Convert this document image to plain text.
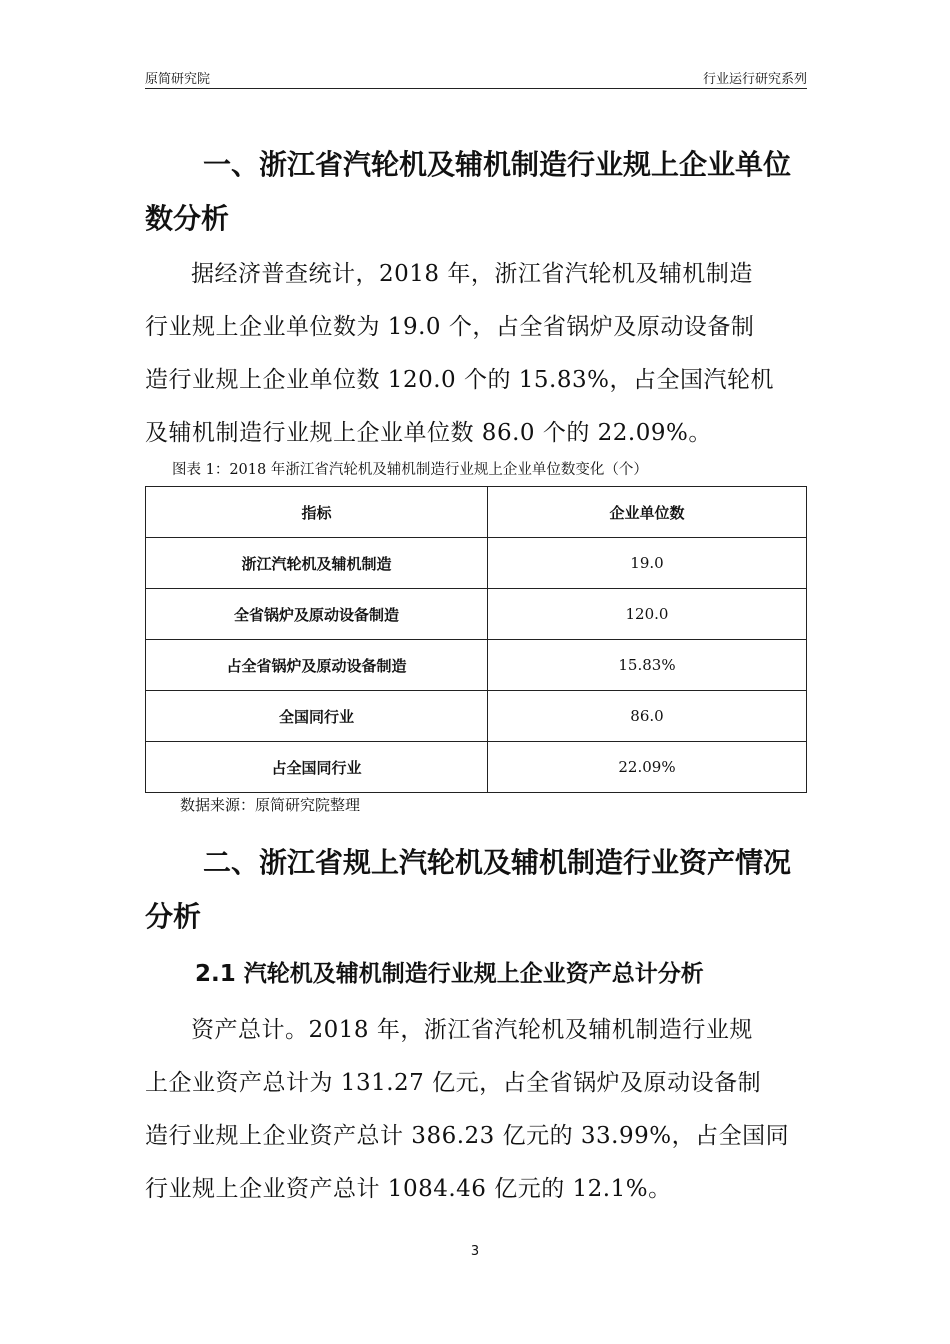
原简研究院	行业运行研究系列
一、浙江省汽轮机及辅机制造行业规上企业单位
数分析
据经济普查统计，2018 年，浙江省汽轮机及辅机制造
行业规上企业单位数为 19.0 个，占全省锅炉及原动设备制
造行业规上企业单位数 120.0 个的 15.83%，占全国汽轮机
及辅机制造行业规上企业单位数 86.0 个的 22.09%。
图表 1：2018 年浙江省汽轮机及辅机制造行业规上企业单位数变化（个）
指标	企业单位数
浙江汽轮机及辅机制造	19.0
全省锅炉及原动设备制造	120.0
占全省锅炉及原动设备制造	15.83%
全国同行业	86.0
占全国同行业	22.09%
数据来源：原简研究院整理
二、浙江省规上汽轮机及辅机制造行业资产情况
分析
2.1 汽轮机及辅机制造行业规上企业资产总计分析
资产总计。2018 年，浙江省汽轮机及辅机制造行业规
上企业资产总计为 131.27 亿元，占全省锅炉及原动设备制
造行业规上企业资产总计 386.23 亿元的 33.99%，占全国同
行业规上企业资产总计 1084.46 亿元的 12.1%。
3
